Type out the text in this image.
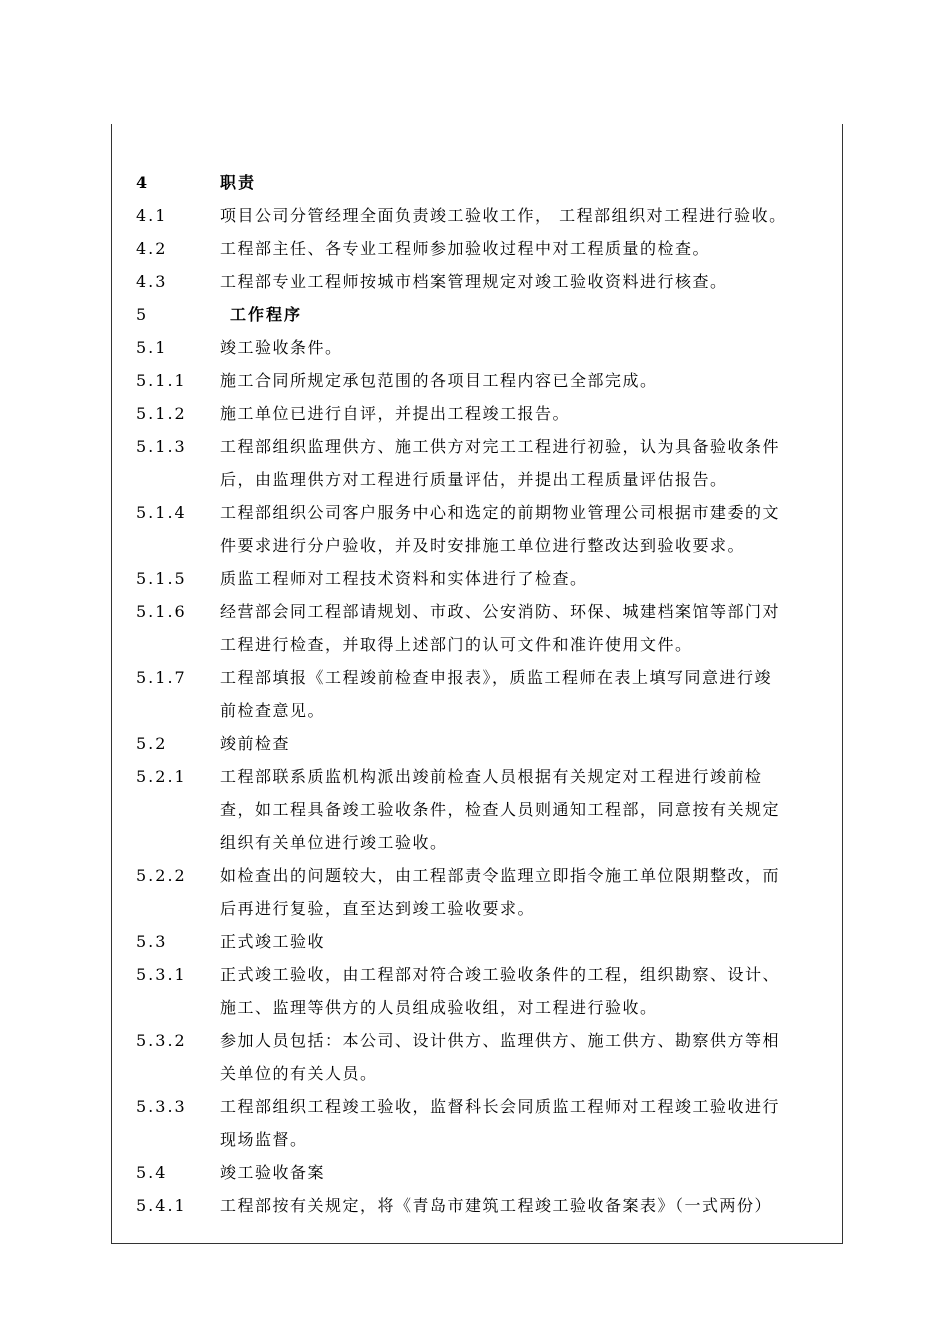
4	职责
4.1	项目公司分管经理全面负责竣工验收工作， 工程部组织对工程进行验收。
4.2	工程部主任、各专业工程师参加验收过程中对工程质量的检查。
4.3	工程部专业工程师按城市档案管理规定对竣工验收资料进行核查。
5	工作程序
5.1	竣工验收条件。
5.1.1 施工合同所规定承包范围的各项目工程内容已全部完成。
5.1.2 施工单位已进行自评，并提出工程竣工报告。
5.1.3 工程部组织监理供方、施工供方对完工工程进行初验，认为具备验收条件
后，由监理供方对工程进行质量评估，并提出工程质量评估报告。
5.1.4 工程部组织公司客户服务中心和选定的前期物业管理公司根据市建委的文
件要求进行分户验收，并及时安排施工单位进行整改达到验收要求。
5.1.5 质监工程师对工程技术资料和实体进行了检查。
5.1.6 经营部会同工程部请规划、市政、公安消防、环保、城建档案馆等部门对
工程进行检查，并取得上述部门的认可文件和准许使用文件。
5.1.7 工程部填报《工程竣前检查申报表》，质监工程师在表上填写同意进行竣
前检查意见。
5.2	竣前检查
5.2.1 工程部联系质监机构派出竣前检查人员根据有关规定对工程进行竣前检
查，如工程具备竣工验收条件，检查人员则通知工程部，同意按有关规定
组织有关单位进行竣工验收。
5.2.2 如检查出的问题较大，由工程部责令监理立即指令施工单位限期整改，而
后再进行复验，直至达到竣工验收要求。
5.3	正式竣工验收
5.3.1 正式竣工验收，由工程部对符合竣工验收条件的工程，组织勘察、设计、
施工、监理等供方的人员组成验收组，对工程进行验收。
5.3.2 参加人员包括：本公司、设计供方、监理供方、施工供方、勘察供方等相
关单位的有关人员。
5.3.3 工程部组织工程竣工验收，监督科长会同质监工程师对工程竣工验收进行
现场监督。
5.4	竣工验收备案
5.4.1 工程部按有关规定，将《青岛市建筑工程竣工验收备案表》（一式两份）
